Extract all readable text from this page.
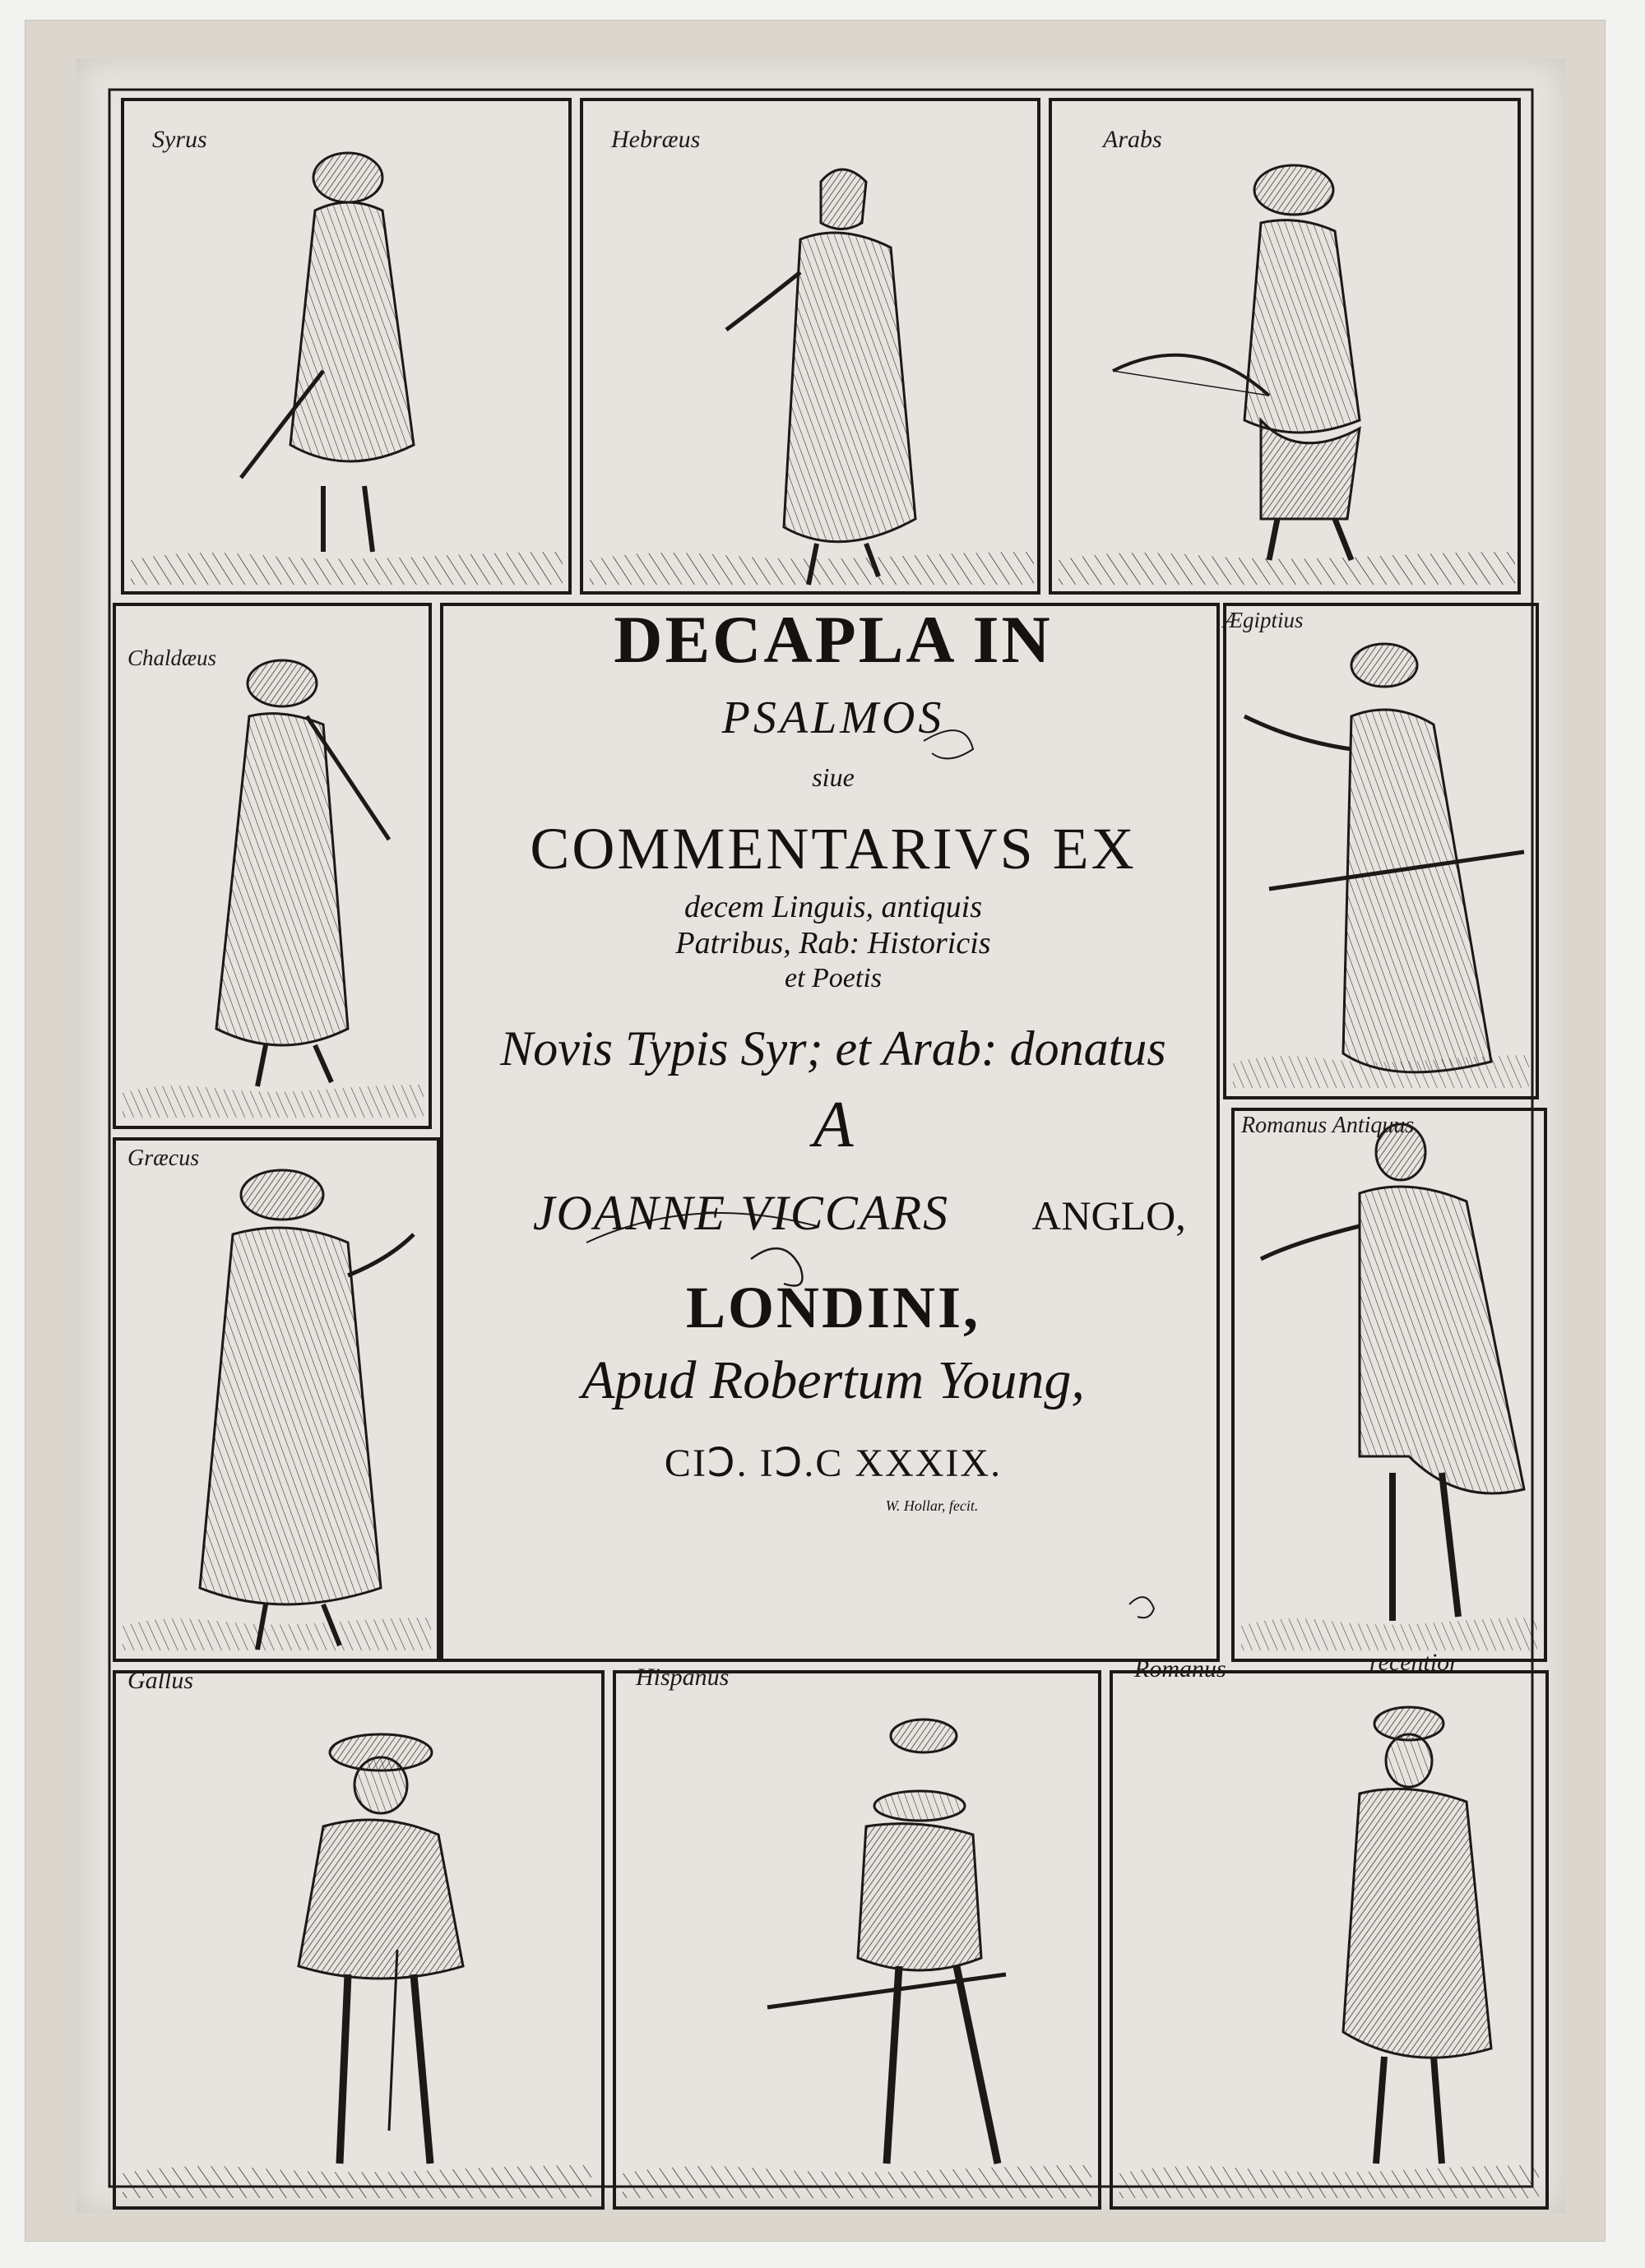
Syrus	Hebræus	Arabs
Chaldæus
Ægiptius
Græcus
Romanus Antiquus
Gallus	Hispanus	Romanus	recentior
DECAPLA IN
PSALMOS
siue
COMMENTARIVS EX
decem Linguis, antiquis
Patribus, Rab: Historicis
et Poetis
Novis Typis Syr; et Arab: donatus
A
JOANNE VICCARS	ANGLO,
LONDINI,
Apud Robertum Young,
CIↃ. IↃ.C XXXIX.
W. Hollar, fecit.
